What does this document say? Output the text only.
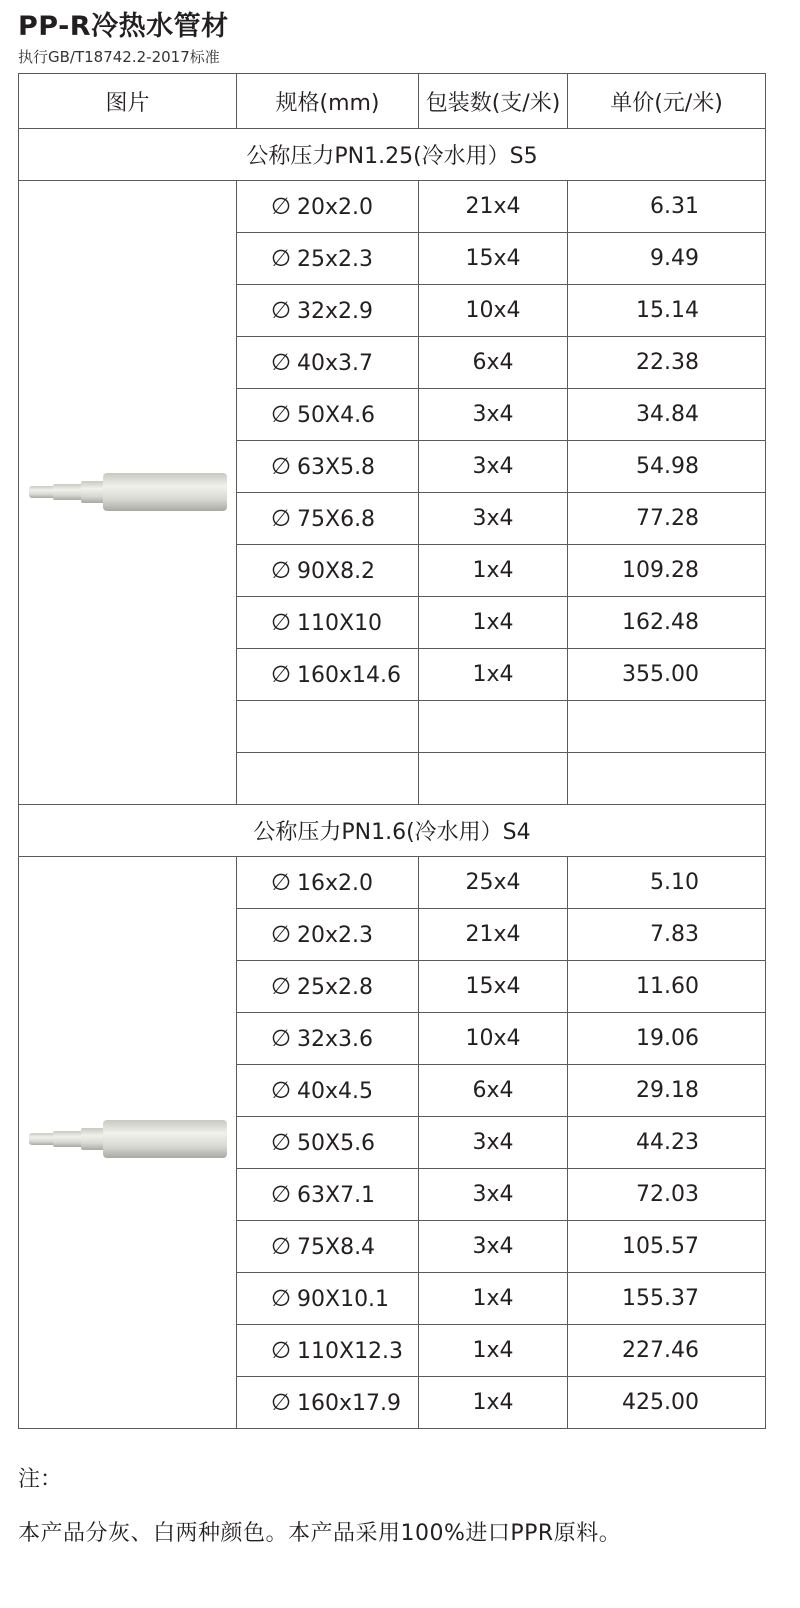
PP-R冷热水管材
执行GB/T18742.2-2017标准
图片	规格(mm)	包装数(支/米)	单价(元/米)
公称压力PN1.25(冷水用）S5			

	∅ 20x2.0	21x4	6.31
	∅ 25x2.3	15x4	9.49
	∅ 32x2.9	10x4	15.14
	∅ 40x3.7	6x4	22.38
	∅ 50X4.6	3x4	34.84
	∅ 63X5.8	3x4	54.98
	∅ 75X6.8	3x4	77.28
	∅ 90X8.2	1x4	109.28
	∅ 110X10	1x4	162.48
	∅ 160x14.6	1x4	355.00

公称压力PN1.6(冷水用）S4			

	∅ 16x2.0	25x4	5.10
	∅ 20x2.3	21x4	7.83
	∅ 25x2.8	15x4	11.60
	∅ 32x3.6	10x4	19.06
	∅ 40x4.5	6x4	29.18
	∅ 50X5.6	3x4	44.23
	∅ 63X7.1	3x4	72.03
	∅ 75X8.4	3x4	105.57
	∅ 90X10.1	1x4	155.37
	∅ 110X12.3	1x4	227.46
	∅ 160x17.9	1x4	425.00
注：
本产品分灰、白两种颜色。本产品采用100%进口PPR原料。
